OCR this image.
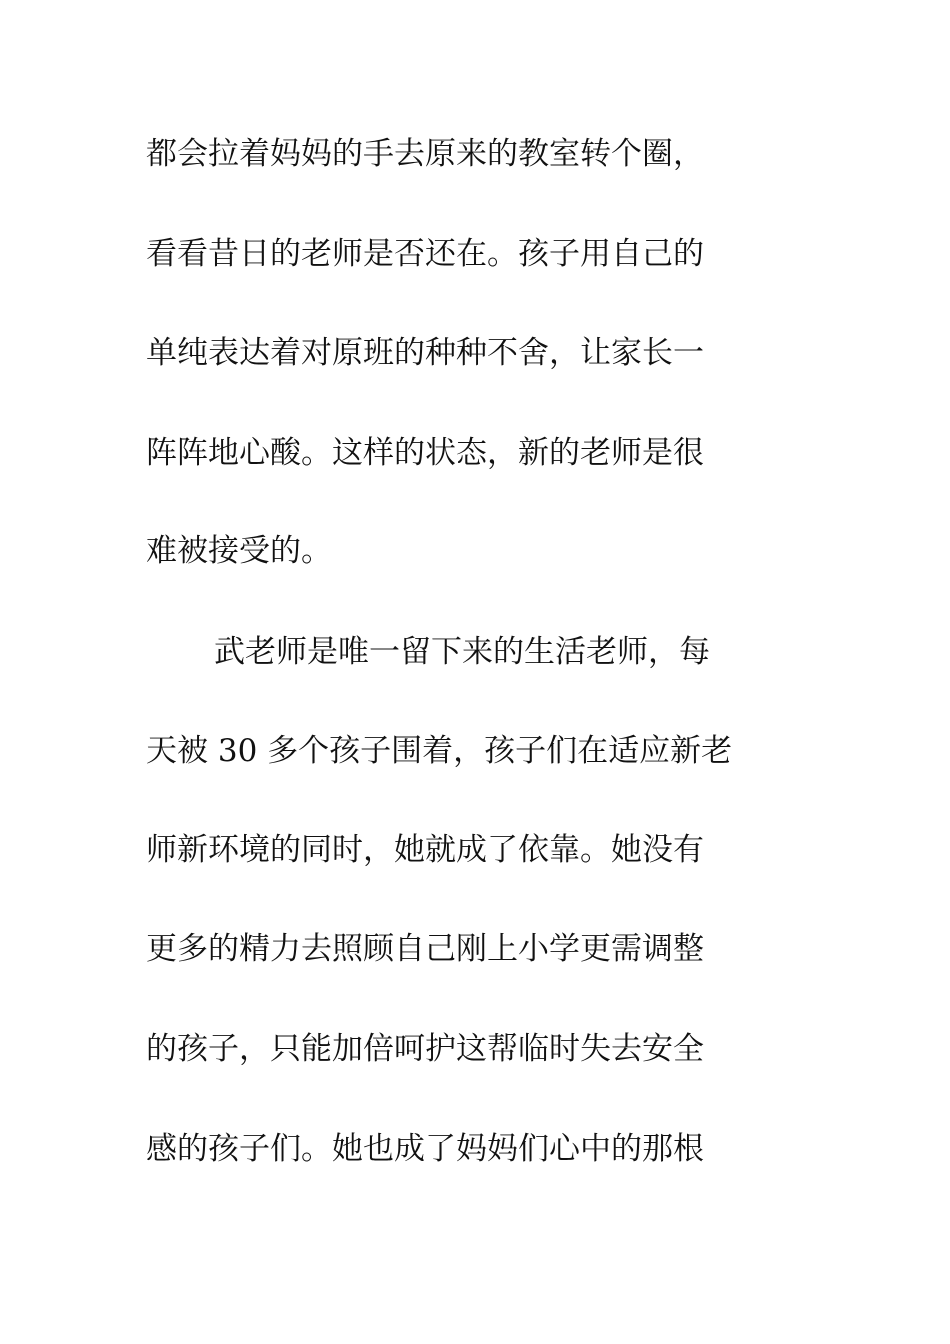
都会拉着妈妈的手去原来的教室转个圈，
看看昔日的老师是否还在。孩子用自己的
单纯表达着对原班的种种不舍，让家长一
阵阵地心酸。这样的状态，新的老师是很
难被接受的。
武老师是唯一留下来的生活老师，每
天被 30 多个孩子围着，孩子们在适应新老
师新环境的同时，她就成了依靠。她没有
更多的精力去照顾自己刚上小学更需调整
的孩子，只能加倍呵护这帮临时失去安全
感的孩子们。她也成了妈妈们心中的那根
